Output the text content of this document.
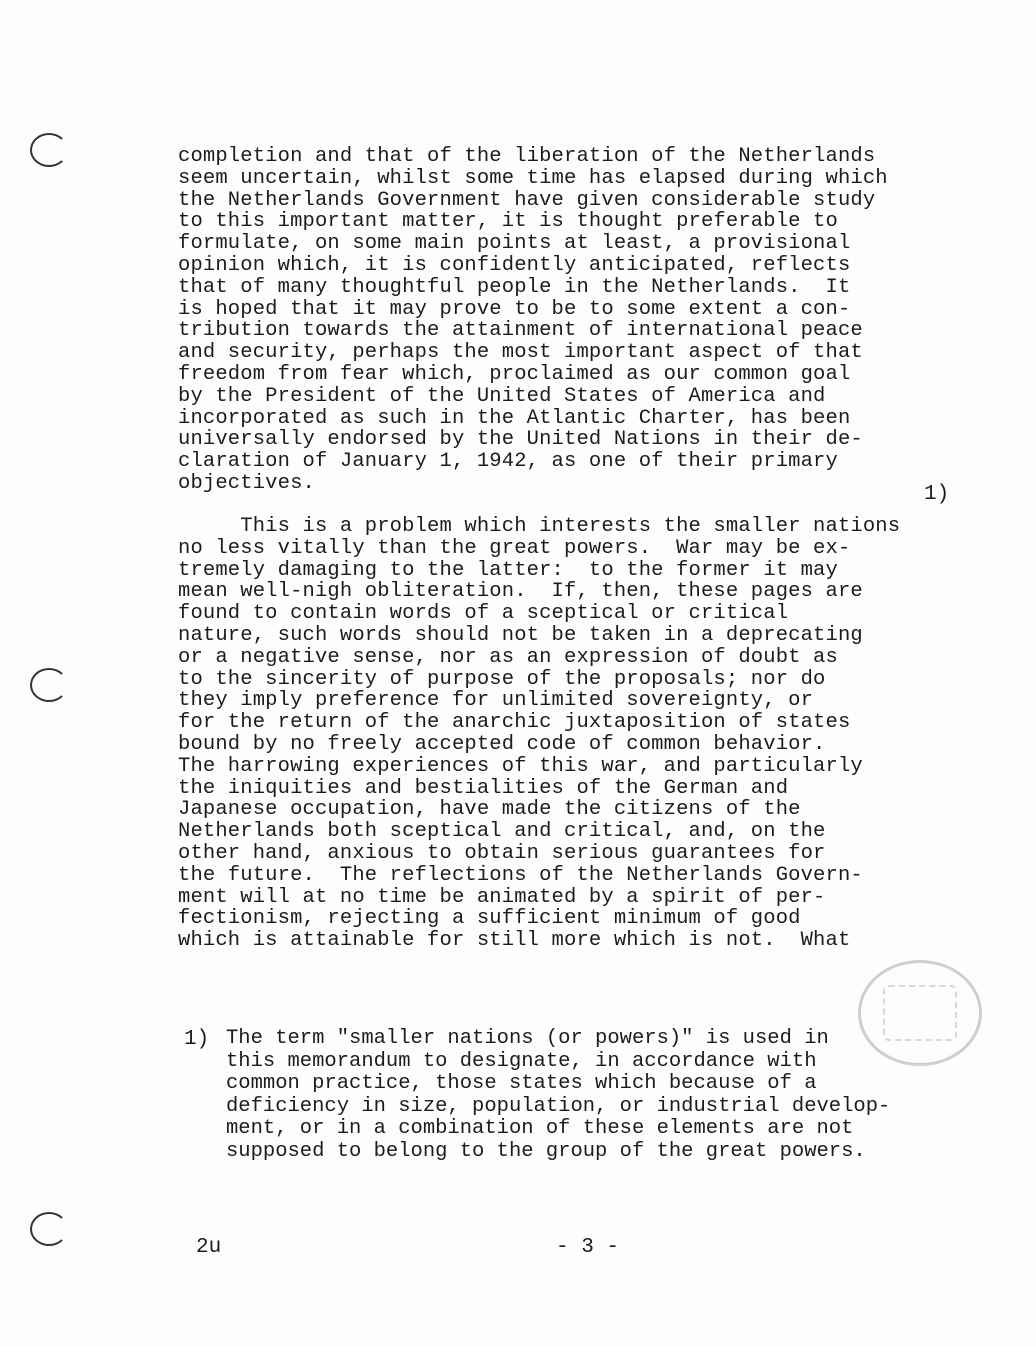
completion and that of the liberation of the Netherlands
seem uncertain, whilst some time has elapsed during which
the Netherlands Government have given considerable study
to this important matter, it is thought preferable to
formulate, on some main points at least, a provisional
opinion which, it is confidently anticipated, reflects
that of many thoughtful people in the Netherlands.  It
is hoped that it may prove to be to some extent a con-
tribution towards the attainment of international peace
and security, perhaps the most important aspect of that
freedom from fear which, proclaimed as our common goal
by the President of the United States of America and
incorporated as such in the Atlantic Charter, has been
universally endorsed by the United Nations in their de-
claration of January 1, 1942, as one of their primary
objectives.	1)
This is a problem which interests the smaller nations
no less vitally than the great powers.  War may be ex-
tremely damaging to the latter:  to the former it may
mean well-nigh obliteration.  If, then, these pages are
found to contain words of a sceptical or critical
nature, such words should not be taken in a deprecating
or a negative sense, nor as an expression of doubt as
to the sincerity of purpose of the proposals; nor do
they imply preference for unlimited sovereignty, or
for the return of the anarchic juxtaposition of states
bound by no freely accepted code of common behavior.
The harrowing experiences of this war, and particularly
the iniquities and bestialities of the German and
Japanese occupation, have made the citizens of the
Netherlands both sceptical and critical, and, on the
other hand, anxious to obtain serious guarantees for
the future.  The reflections of the Netherlands Govern-
ment will at no time be animated by a spirit of per-
fectionism, rejecting a sufficient minimum of good
which is attainable for still more which is not.  What
1) The term "smaller nations (or powers)" is used in
this memorandum to designate, in accordance with
common practice, those states which because of a
deficiency in size, population, or industrial develop-
ment, or in a combination of these elements are not
supposed to belong to the group of the great powers.
2u	- 3 -
